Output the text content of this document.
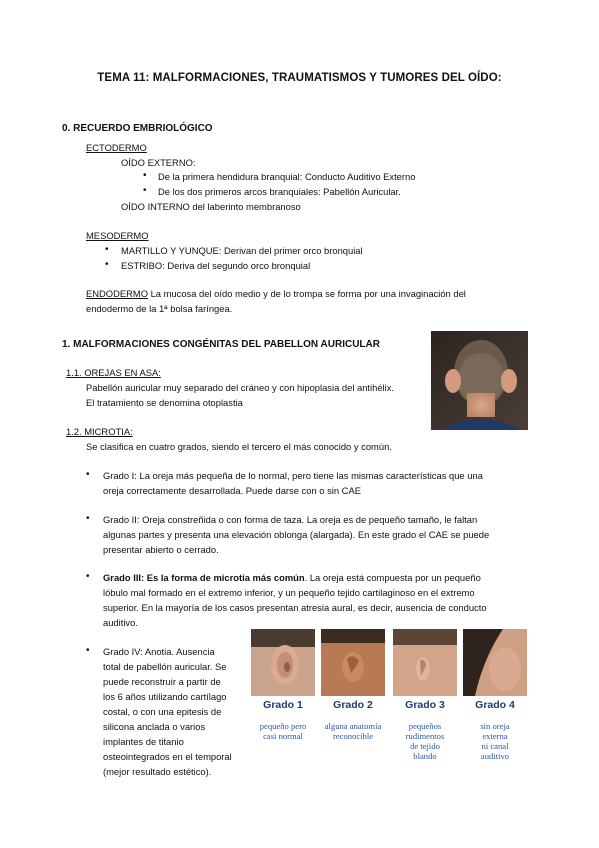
TEMA 11: MALFORMACIONES, TRAUMATISMOS Y TUMORES DEL OÍDO:
0. RECUERDO EMBRIOLÓGICO
ECTODERMO
OÍDO EXTERNO:
• De la primera hendidura branquial: Conducto Auditivo Externo
• De los dos primeros arcos branquiales: Pabellón Auricular.
OÍDO INTERNO del laberinto membranoso
MESODERMO
• MARTILLO Y YUNQUE: Derivan del primer orco bronquial
• ESTRIBO: Deriva del segundo orco bronquial
ENDODERMO La mucosa del oído medio y de lo trompa se forma por una invaginación del
endodermo de la 1ª bolsa faríngea.
1. MALFORMACIONES CONGÉNITAS DEL PABELLON AURICULAR
1.1. OREJAS EN ASA:
Pabellón auricular muy separado del cráneo y con hipoplasia del antihélix.
El tratamiento se denomina otoplastia
1.2. MICROTIA:
Se clasifica en cuatro grados, siendo el tercero el más conocido y común.
• Grado I: La oreja más pequeña de lo normal, pero tiene las mismas características que una
oreja correctamente desarrollada. Puede darse con o sin CAE
• Grado II: Oreja constreñida o con forma de taza. La oreja es de pequeño tamaño, le faltan
algunas partes y presenta una elevación oblonga (alargada). En este grado el CAE se puede
presentar abierto o cerrado.
• Grado III: Es la forma de microtia más común. La oreja está compuesta por un pequeño
lóbulo mal formado en el extremo inferior, y un pequeño tejido cartilaginoso en el extremo
superior. En la mayoría de los casos presentan atresia aural, es decir, ausencia de conducto
auditivo.
• Grado IV: Anotia. Ausencia
total de pabellón auricular. Se
puede reconstruir a partir de
los 6 años utilizando cartílago
costal, o con una epitesis de
silicona anclada o varios
implantes de titanio
osteointegrados en el temporal
(mejor resultado estético).
Grado 1	Grado 2	Grado 3	Grado 4
pequeño pero
casi normal
alguna anatomía
reconocible
pequeños
rudimentos
de tejido
blando
sin oreja
externa
ni canal
auditivo
